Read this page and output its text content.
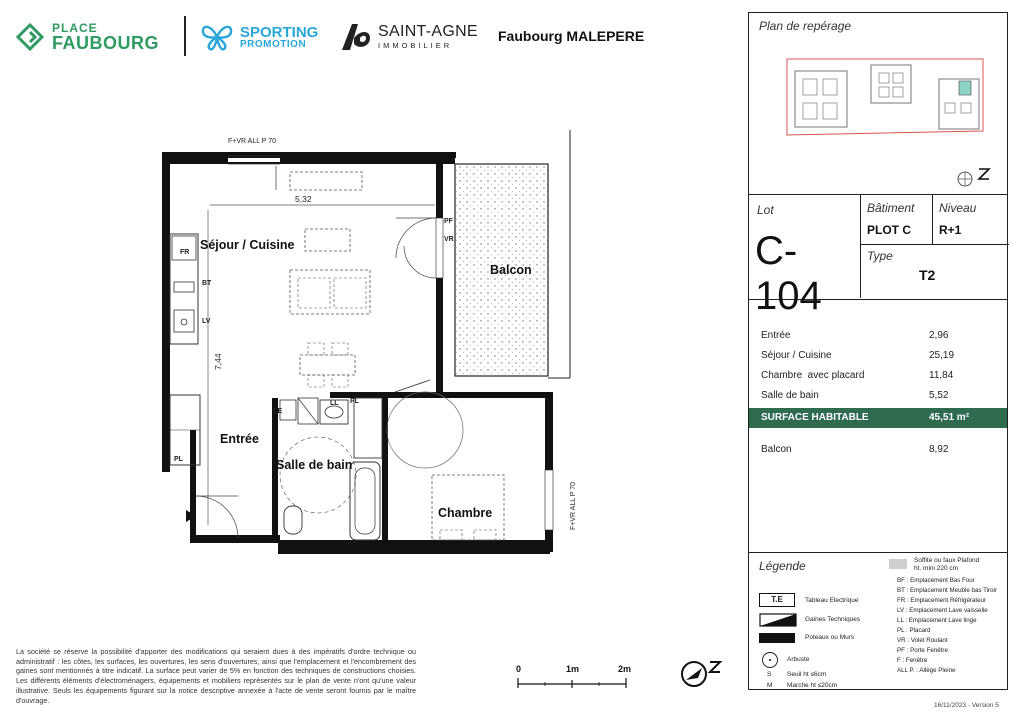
PLACE
FAUBOURG
SPORTING
PROMOTION
SAINT-AGNE
IMMOBILIER
Faubourg MALEPERE
Séjour / Cuisine
Balcon
Entrée
Salle de bain
Chambre
FR
BT
LV
PL
T.E
LL PL
PF
VR
F+VR ALL P 70
F+VR ALL P 70
5,32
7,44
Plan de repérage
Lot
C-104
Bâtiment
PLOT C
Niveau
R+1
Type
T2
Entrée	2,96
Séjour / Cuisine	25,19
Chambre  avec placard	11,84
Salle de bain	5,52
SURFACE HABITABLE	45,51 m²
Balcon	8,92
Légende	Soffite ou faux Plafond
ht. mini 220 cm
T.E	Tableau Electrique
Gaines Techniques
Poteaux ou Murs
Arbuste
S Seuil ht ≤6cm
M Marche ht ≤20cm
BF : Emplacement Bas Four
BT : Emplacement Meuble bas Tiroir
FR : Emplacement Réfrigérateur
LV : Emplacement Lave vaisselle
LL : Emplacement Lave linge
PL : Placard
VR : Volet Roulant
PF : Porte Fenêtre
F : Fenêtre
ALL P. : Allège Pleine
La société se réserve la possibilité d'apporter des modifications qui seraient dues à des impératifs d'ordre technique ou administratif : les côtes, les surfaces, les ouvertures, les sens d'ouvertures, ainsi que l'emplacement et l'encombrement des gaines sont mentionnés à titre indicatif. La surface peut varier de 5% en fonction des techniques de constructions choisies. Les différents éléments d'électroménagers, équipements et mobiliers représentés sur le plan de vente n'ont qu'une valeur illustrative. Seuls les équipements figurant sur la notice descriptive annexée à l'acte de vente seront fournis par le maître d'ouvrage.
0	1m	2m
16/11/2023 - Version 5
